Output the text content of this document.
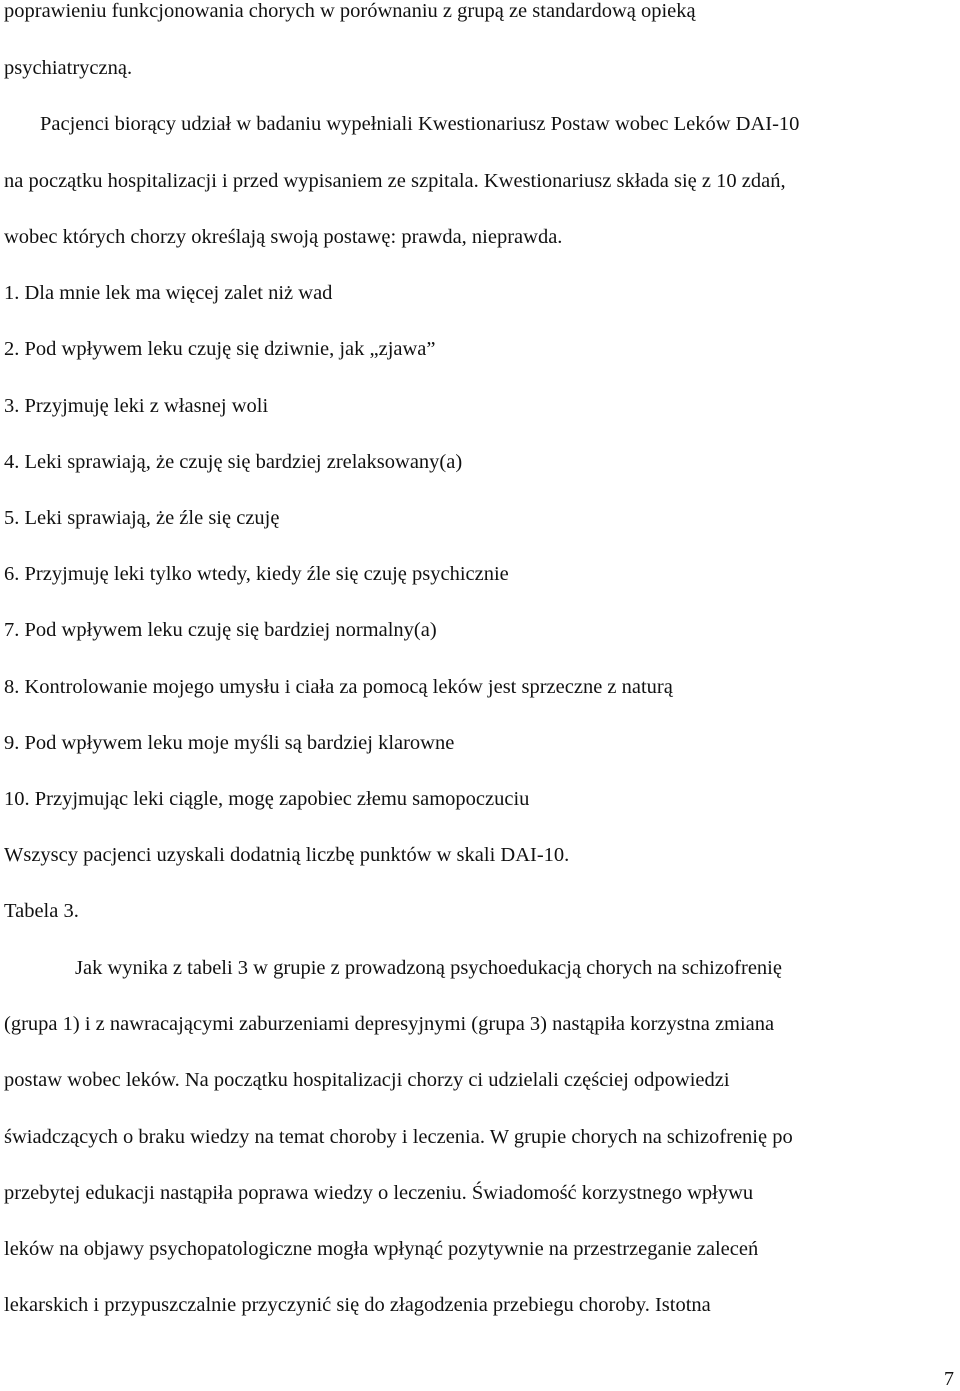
poprawieniu funkcjonowania chorych w porównaniu z grupą ze standardową opieką
psychiatryczną.
Pacjenci biorący udział w badaniu wypełniali Kwestionariusz Postaw wobec Leków DAI-10
na początku hospitalizacji i przed wypisaniem ze szpitala. Kwestionariusz składa się z 10 zdań,
wobec których chorzy określają swoją postawę: prawda, nieprawda.
1. Dla mnie lek ma więcej zalet niż wad
2. Pod wpływem leku czuję się dziwnie, jak „zjawa”
3. Przyjmuję leki z własnej woli
4. Leki sprawiają, że czuję się bardziej zrelaksowany(a)
5. Leki sprawiają, że źle się czuję
6. Przyjmuję leki tylko wtedy, kiedy źle się czuję psychicznie
7. Pod wpływem leku czuję się bardziej normalny(a)
8. Kontrolowanie mojego umysłu i ciała za pomocą leków jest sprzeczne z naturą
9. Pod wpływem leku moje myśli są bardziej klarowne
10. Przyjmując leki ciągle, mogę zapobiec złemu samopoczuciu
Wszyscy pacjenci uzyskali dodatnią liczbę punktów w skali DAI-10.
Tabela 3.
Jak wynika z tabeli 3 w grupie z prowadzoną psychoedukacją chorych na schizofrenię
(grupa 1) i z nawracającymi zaburzeniami depresyjnymi (grupa 3) nastąpiła korzystna zmiana
postaw wobec leków. Na początku hospitalizacji chorzy ci udzielali częściej odpowiedzi
świadczących o braku wiedzy na temat choroby i leczenia. W grupie chorych na schizofrenię po
przebytej edukacji nastąpiła poprawa wiedzy o leczeniu. Świadomość korzystnego wpływu
leków na objawy psychopatologiczne mogła wpłynąć pozytywnie na przestrzeganie zaleceń
lekarskich i przypuszczalnie przyczynić się do złagodzenia przebiegu choroby. Istotna
7
